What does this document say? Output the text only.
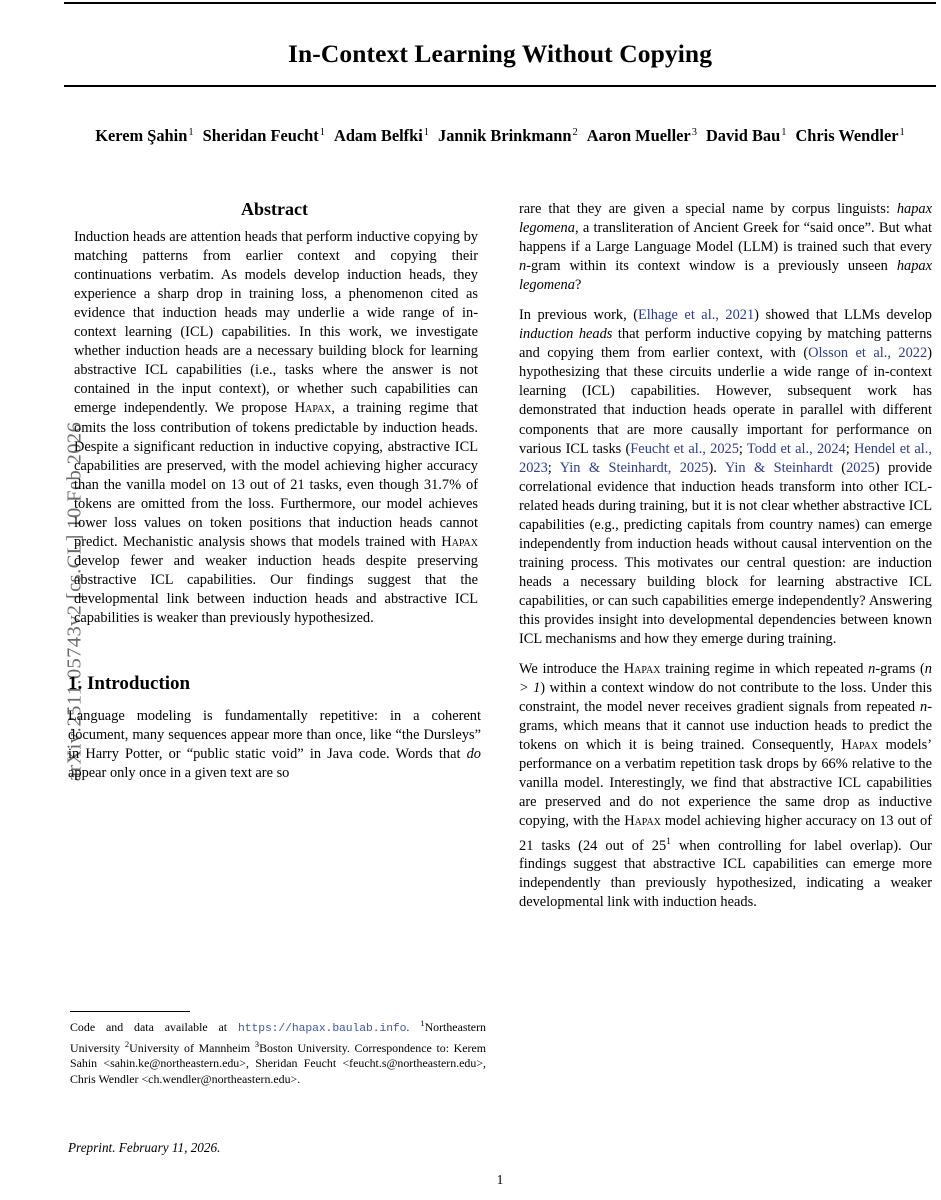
arXiv:2511.05743v2 [cs.CL] 10 Feb 2026
In-Context Learning Without Copying
Kerem Şahin$^1$ Sheridan Feucht$^1$ Adam Belfki$^1$ Jannik Brinkmann$^2$ Aaron Mueller$^3$ David Bau$^1$ Chris Wendler$^1$
Abstract

Induction heads are attention heads that perform inductive copying by matching patterns from earlier context and copying their continuations verbatim. As models develop induction heads, they experience a sharp drop in training loss, a phenomenon cited as evidence that induction heads may underlie a wide range of in-context learning (ICL) capabilities. In this work, we investigate whether induction heads are a necessary building block for learning abstractive ICL capabilities (i.e., tasks where the answer is not contained in the input context), or whether such capabilities can emerge independently. We propose Hapax, a training regime that omits the loss contribution of tokens predictable by induction heads. Despite a significant reduction in inductive copying, abstractive ICL capabilities are preserved, with the model achieving higher accuracy than the vanilla model on 13 out of 21 tasks, even though 31.7% of tokens are omitted from the loss. Furthermore, our model achieves lower loss values on token positions that induction heads cannot predict. Mechanistic analysis shows that models trained with Hapax develop fewer and weaker induction heads despite preserving abstractive ICL capabilities. Our findings suggest that the developmental link between induction heads and abstractive ICL capabilities is weaker than previously hypothesized.

1. Introduction

Language modeling is fundamentally repetitive: in a coherent document, many sequences appear more than once, like “the Dursleys” in Harry Potter, or “public static void” in Java code. Words that do appear only once in a given text are so

rare that they are given a special name by corpus linguists: hapax legomena, a transliteration of Ancient Greek for “said once”. But what happens if a Large Language Model (LLM) is trained such that every n-gram within its context window is a previously unseen hapax legomena?

In previous work, (Elhage et al., 2021) showed that LLMs develop induction heads that perform inductive copying by matching patterns and copying them from earlier context, with (Olsson et al., 2022) hypothesizing that these circuits underlie a wide range of in-context learning (ICL) capabilities. However, subsequent work has demonstrated that induction heads operate in parallel with different components that are more causally important for performance on various ICL tasks (Feucht et al., 2025; Todd et al., 2024; Hendel et al., 2023; Yin & Steinhardt, 2025). Yin & Steinhardt (2025) provide correlational evidence that induction heads transform into other ICL-related heads during training, but it is not clear whether abstractive ICL capabilities (e.g., predicting capitals from country names) can emerge independently from induction heads without causal intervention on the training process. This motivates our central question: are induction heads a necessary building block for learning abstractive ICL capabilities, or can such capabilities emerge independently? Answering this provides insight into developmental dependencies between known ICL mechanisms and how they emerge during training.

We introduce the Hapax training regime in which repeated n-grams (n > 1) within a context window do not contribute to the loss. Under this constraint, the model never receives gradient signals from repeated n-grams, which means that it cannot use induction heads to predict the tokens on which it is being trained. Consequently, Hapax models’ performance on a verbatim repetition task drops by 66% relative to the vanilla model. Interestingly, we find that abstractive ICL capabilities are preserved and do not experience the same drop as inductive copying, with the Hapax model achieving higher accuracy on 13 out of 21 tasks (24 out of 25$^1$ when controlling for label overlap). Our findings suggest that abstractive ICL capabilities can emerge more independently than previously hypothesized, indicating a weaker developmental link with induction heads.

Code and data available at https://hapax.baulab.info. $^1$Northeastern University $^2$University of Mannheim $^3$Boston University. Correspondence to: Kerem Sahin <sahin.ke@northeastern.edu>, Sheridan Feucht <feucht.s@northeastern.edu>, Chris Wendler <ch.wendler@northeastern.edu>.
Preprint. February 11, 2026.
1
